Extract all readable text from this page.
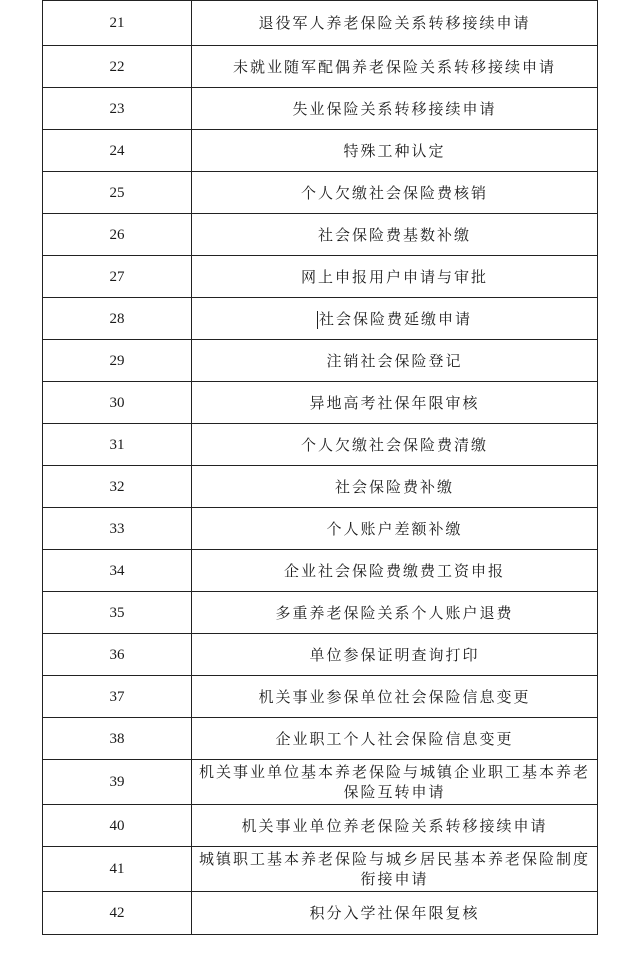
21	退役军人养老保险关系转移接续申请
22	未就业随军配偶养老保险关系转移接续申请
23	失业保险关系转移接续申请
24	特殊工种认定
25	个人欠缴社会保险费核销
26	社会保险费基数补缴
27	网上申报用户申请与审批
28	社会保险费延缴申请
29	注销社会保险登记
30	异地高考社保年限审核
31	个人欠缴社会保险费清缴
32	社会保险费补缴
33	个人账户差额补缴
34	企业社会保险费缴费工资申报
35	多重养老保险关系个人账户退费
36	单位参保证明查询打印
37	机关事业参保单位社会保险信息变更
38	企业职工个人社会保险信息变更
39	机关事业单位基本养老保险与城镇企业职工基本养老保险互转申请
40	机关事业单位养老保险关系转移接续申请
41	城镇职工基本养老保险与城乡居民基本养老保险制度衔接申请
42	积分入学社保年限复核
